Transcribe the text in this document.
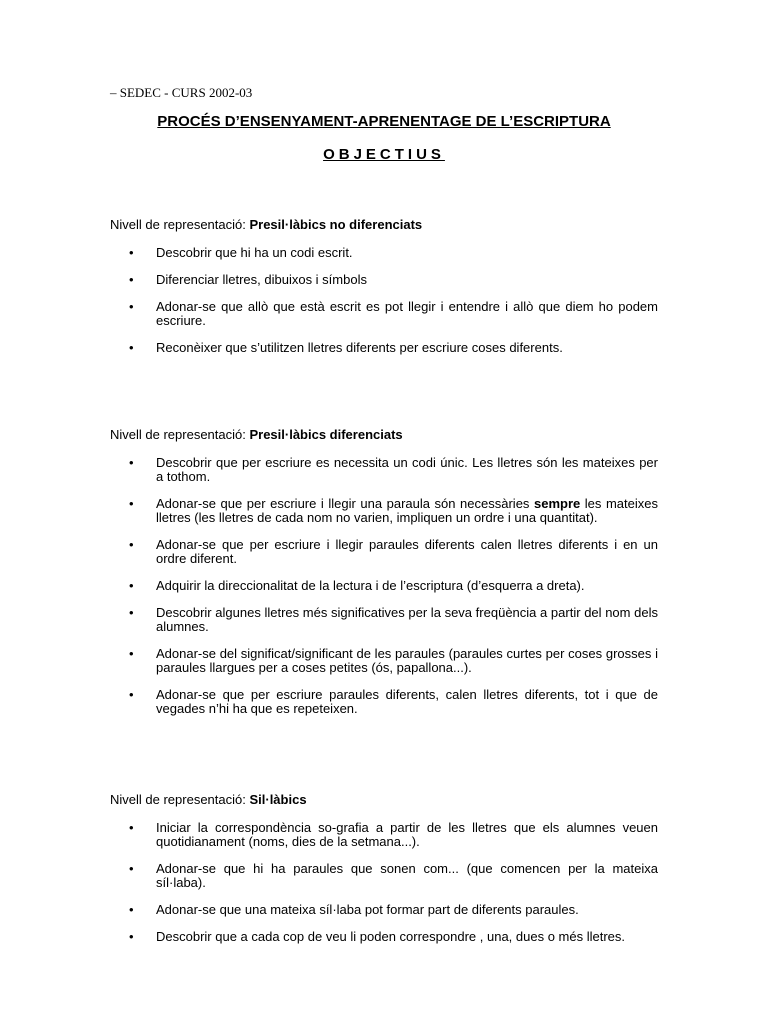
– SEDEC - CURS 2002-03
PROCÉS D’ENSENYAMENT-APRENENTAGE DE L’ESCRIPTURA
OBJECTIUS

Nivell de representació: Presil·làbics no diferenciats

• Descobrir que hi ha un codi escrit.
• Diferenciar lletres, dibuixos i símbols
• Adonar-se que allò que està escrit es pot llegir i entendre i allò que diem ho podem escriure.
• Reconèixer que s’utilitzen lletres diferents per escriure coses diferents.

Nivell de representació: Presil·làbics diferenciats

• Descobrir que per escriure es necessita un codi únic. Les lletres són les mateixes per a tothom.
• Adonar-se que per escriure i llegir una paraula són necessàries sempre les mateixes lletres (les lletres de cada nom no varien, impliquen un ordre i una quantitat).
• Adonar-se que per escriure i llegir paraules diferents calen lletres diferents i en un ordre diferent.
• Adquirir la direccionalitat de la lectura i de l’escriptura (d’esquerra a dreta).
• Descobrir algunes lletres més significatives per la seva freqüència a partir del nom dels alumnes.
• Adonar-se del significat/significant de les paraules (paraules curtes per coses grosses i paraules llargues per a coses petites (ós, papallona...).
• Adonar-se que per escriure paraules diferents, calen lletres diferents, tot i que de vegades n’hi ha que es repeteixen.

Nivell de representació: Sil·làbics

• Iniciar la correspondència so-grafia a partir de les lletres que els alumnes veuen quotidianament (noms, dies de la setmana...).
• Adonar-se que hi ha paraules que sonen com... (que comencen per la mateixa síl·laba).
• Adonar-se que una mateixa síl·laba pot formar part de diferents paraules.
• Descobrir que a cada cop de veu li poden correspondre , una, dues o més lletres.
